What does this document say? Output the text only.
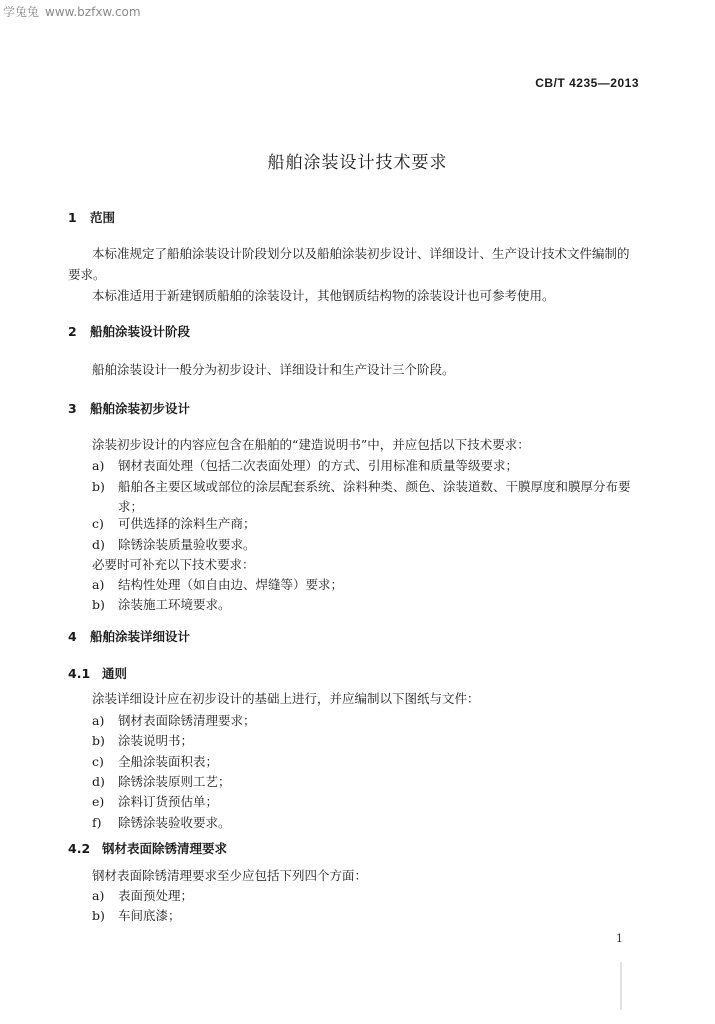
学兔兔 www.bzfxw.com
CB/T 4235—2013
船舶涂装设计技术要求
1 范围
本标准规定了船舶涂装设计阶段划分以及船舶涂装初步设计、详细设计、生产设计技术文件编制的
要求。
本标准适用于新建钢质船舶的涂装设计，其他钢质结构物的涂装设计也可参考使用。
2 船舶涂装设计阶段
船舶涂装设计一般分为初步设计、详细设计和生产设计三个阶段。
3 船舶涂装初步设计
涂装初步设计的内容应包含在船舶的“建造说明书”中，并应包括以下技术要求：
a) 钢材表面处理（包括二次表面处理）的方式、引用标准和质量等级要求；
b) 船舶各主要区域或部位的涂层配套系统、涂料种类、颜色、涂装道数、干膜厚度和膜厚分布要
求；
c) 可供选择的涂料生产商；
d) 除锈涂装质量验收要求。
必要时可补充以下技术要求：
a) 结构性处理（如自由边、焊缝等）要求；
b) 涂装施工环境要求。
4 船舶涂装详细设计
4.1 通则
涂装详细设计应在初步设计的基础上进行，并应编制以下图纸与文件：
a) 钢材表面除锈清理要求；
b) 涂装说明书；
c) 全船涂装面积表；
d) 除锈涂装原则工艺；
e) 涂料订货预估单；
f) 除锈涂装验收要求。
4.2 钢材表面除锈清理要求
钢材表面除锈清理要求至少应包括下列四个方面：
a) 表面预处理；
b) 车间底漆；
1
